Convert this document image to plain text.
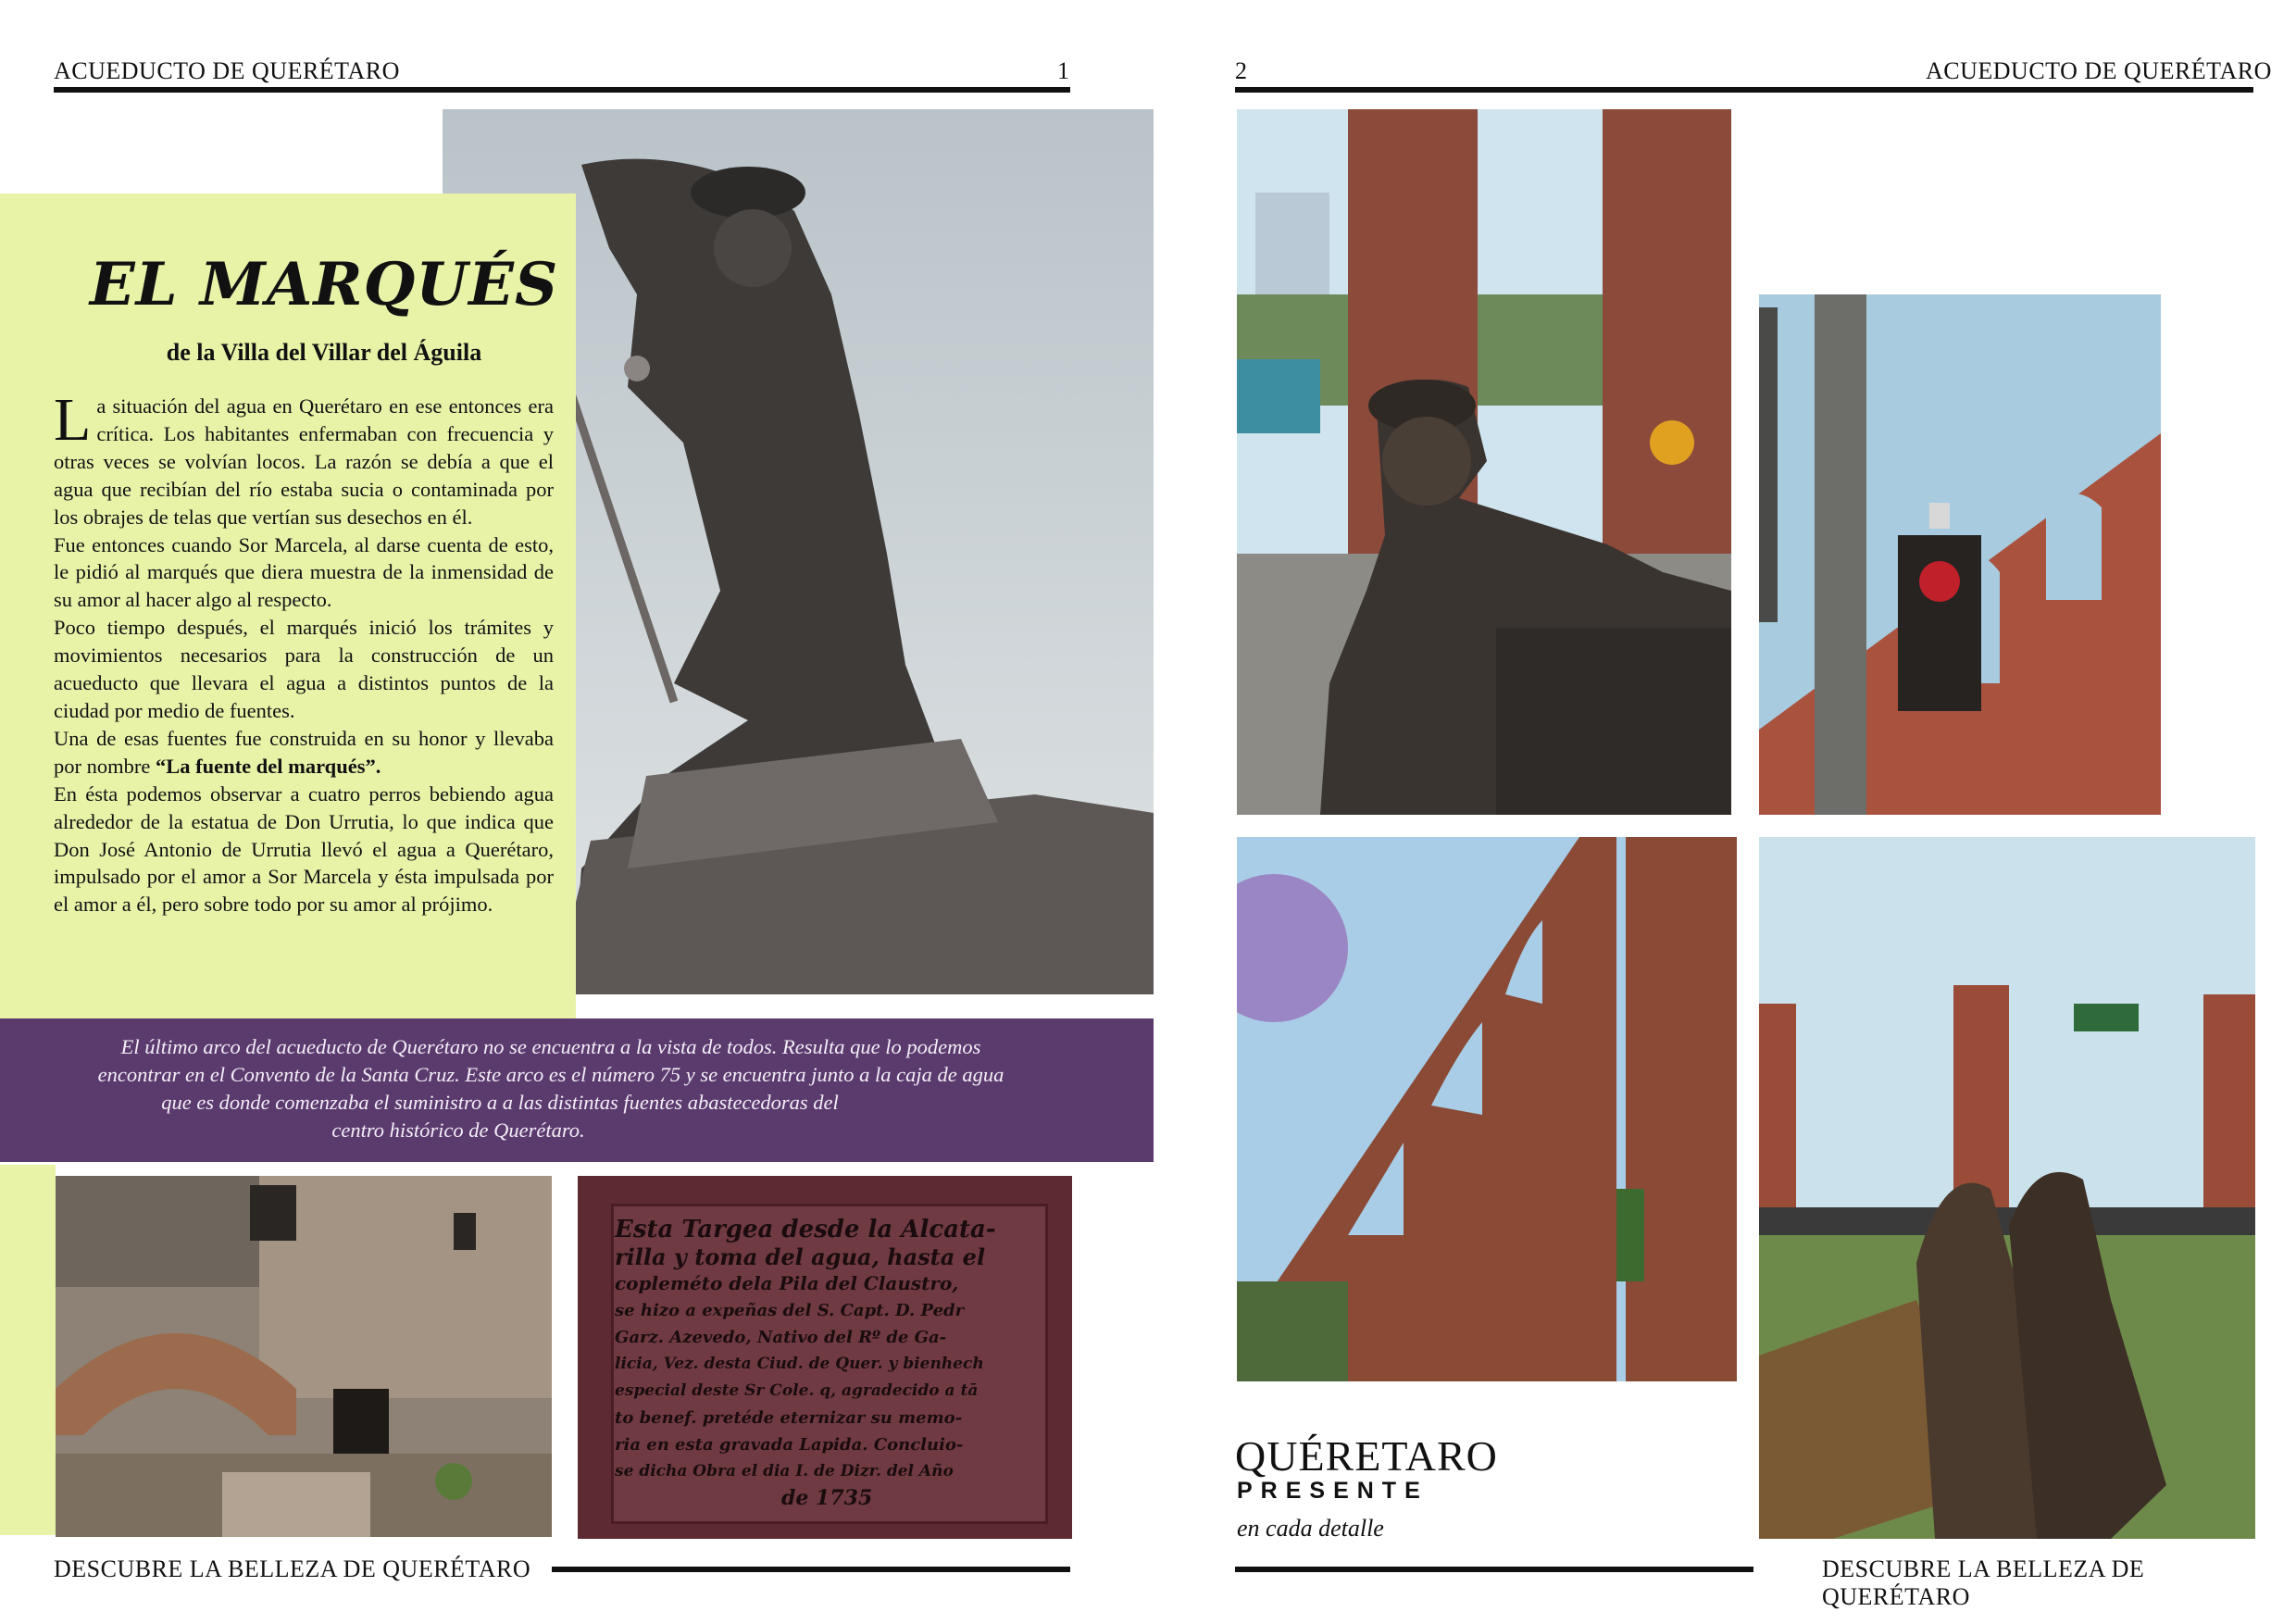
ACUEDUCTO DE QUERÉTARO	1
EL MARQUÉS
de la Villa del Villar del Águila

La situación del agua en Querétaro en ese entonces era crítica. Los habitantes enfermaban con frecuencia y otras veces se volvían locos. La razón se debía a que el agua que recibían del río estaba sucia o contaminada por los obrajes de telas que vertían sus desechos en él.

Fue entonces cuando Sor Marcela, al darse cuenta de esto, le pidió al marqués que diera muestra de la inmensidad de su amor al hacer algo al respecto.

Poco tiempo después, el marqués inició los trámites y movimientos necesarios para la construcción de un acueducto que llevara el agua a distintos puntos de la ciudad por medio de fuentes.

Una de esas fuentes fue construida en su honor y llevaba por nombre “La fuente del marqués”.

En ésta podemos observar a cuatro perros bebiendo agua alrededor de la estatua de Don Urrutia, lo que indica que Don José Antonio de Urrutia llevó el agua a Querétaro, impulsado por el amor a Sor Marcela y ésta impulsada por el amor a él, pero sobre todo por su amor al prójimo.

El último arco del acueducto de Querétaro no se encuentra a la vista de todos. Resulta que lo podemos
encontrar en el Convento de la Santa Cruz. Este arco es el número 75 y se encuentra junto a la caja de agua
que es donde comenzaba el suministro a a las distintas fuentes abastecedoras del
centro histórico de Querétaro.
Esta Targea desde la Alcata-
rilla y toma del agua, hasta el
copleméto dela Pila del Claustro,
se hizo a expeñas del S. Capt. D. Pedr
Garz. Azevedo, Nativo del Rº de Ga-
licia, Vez. desta Ciud. de Quer. y bienhech
especial deste Sr Cole. q, agradecido a tā
to benef. pretéde eternizar su memo-
ria en esta gravada Lapida. Concluio-
se dicha Obra el dia I. de Dizr. del Año
de 1735
DESCUBRE LA BELLEZA DE QUERÉTARO
2	ACUEDUCTO DE QUERÉTARO
QUÉRETARO
PRESENTE
en cada detalle
DESCUBRE LA BELLEZA DE QUERÉTARO
